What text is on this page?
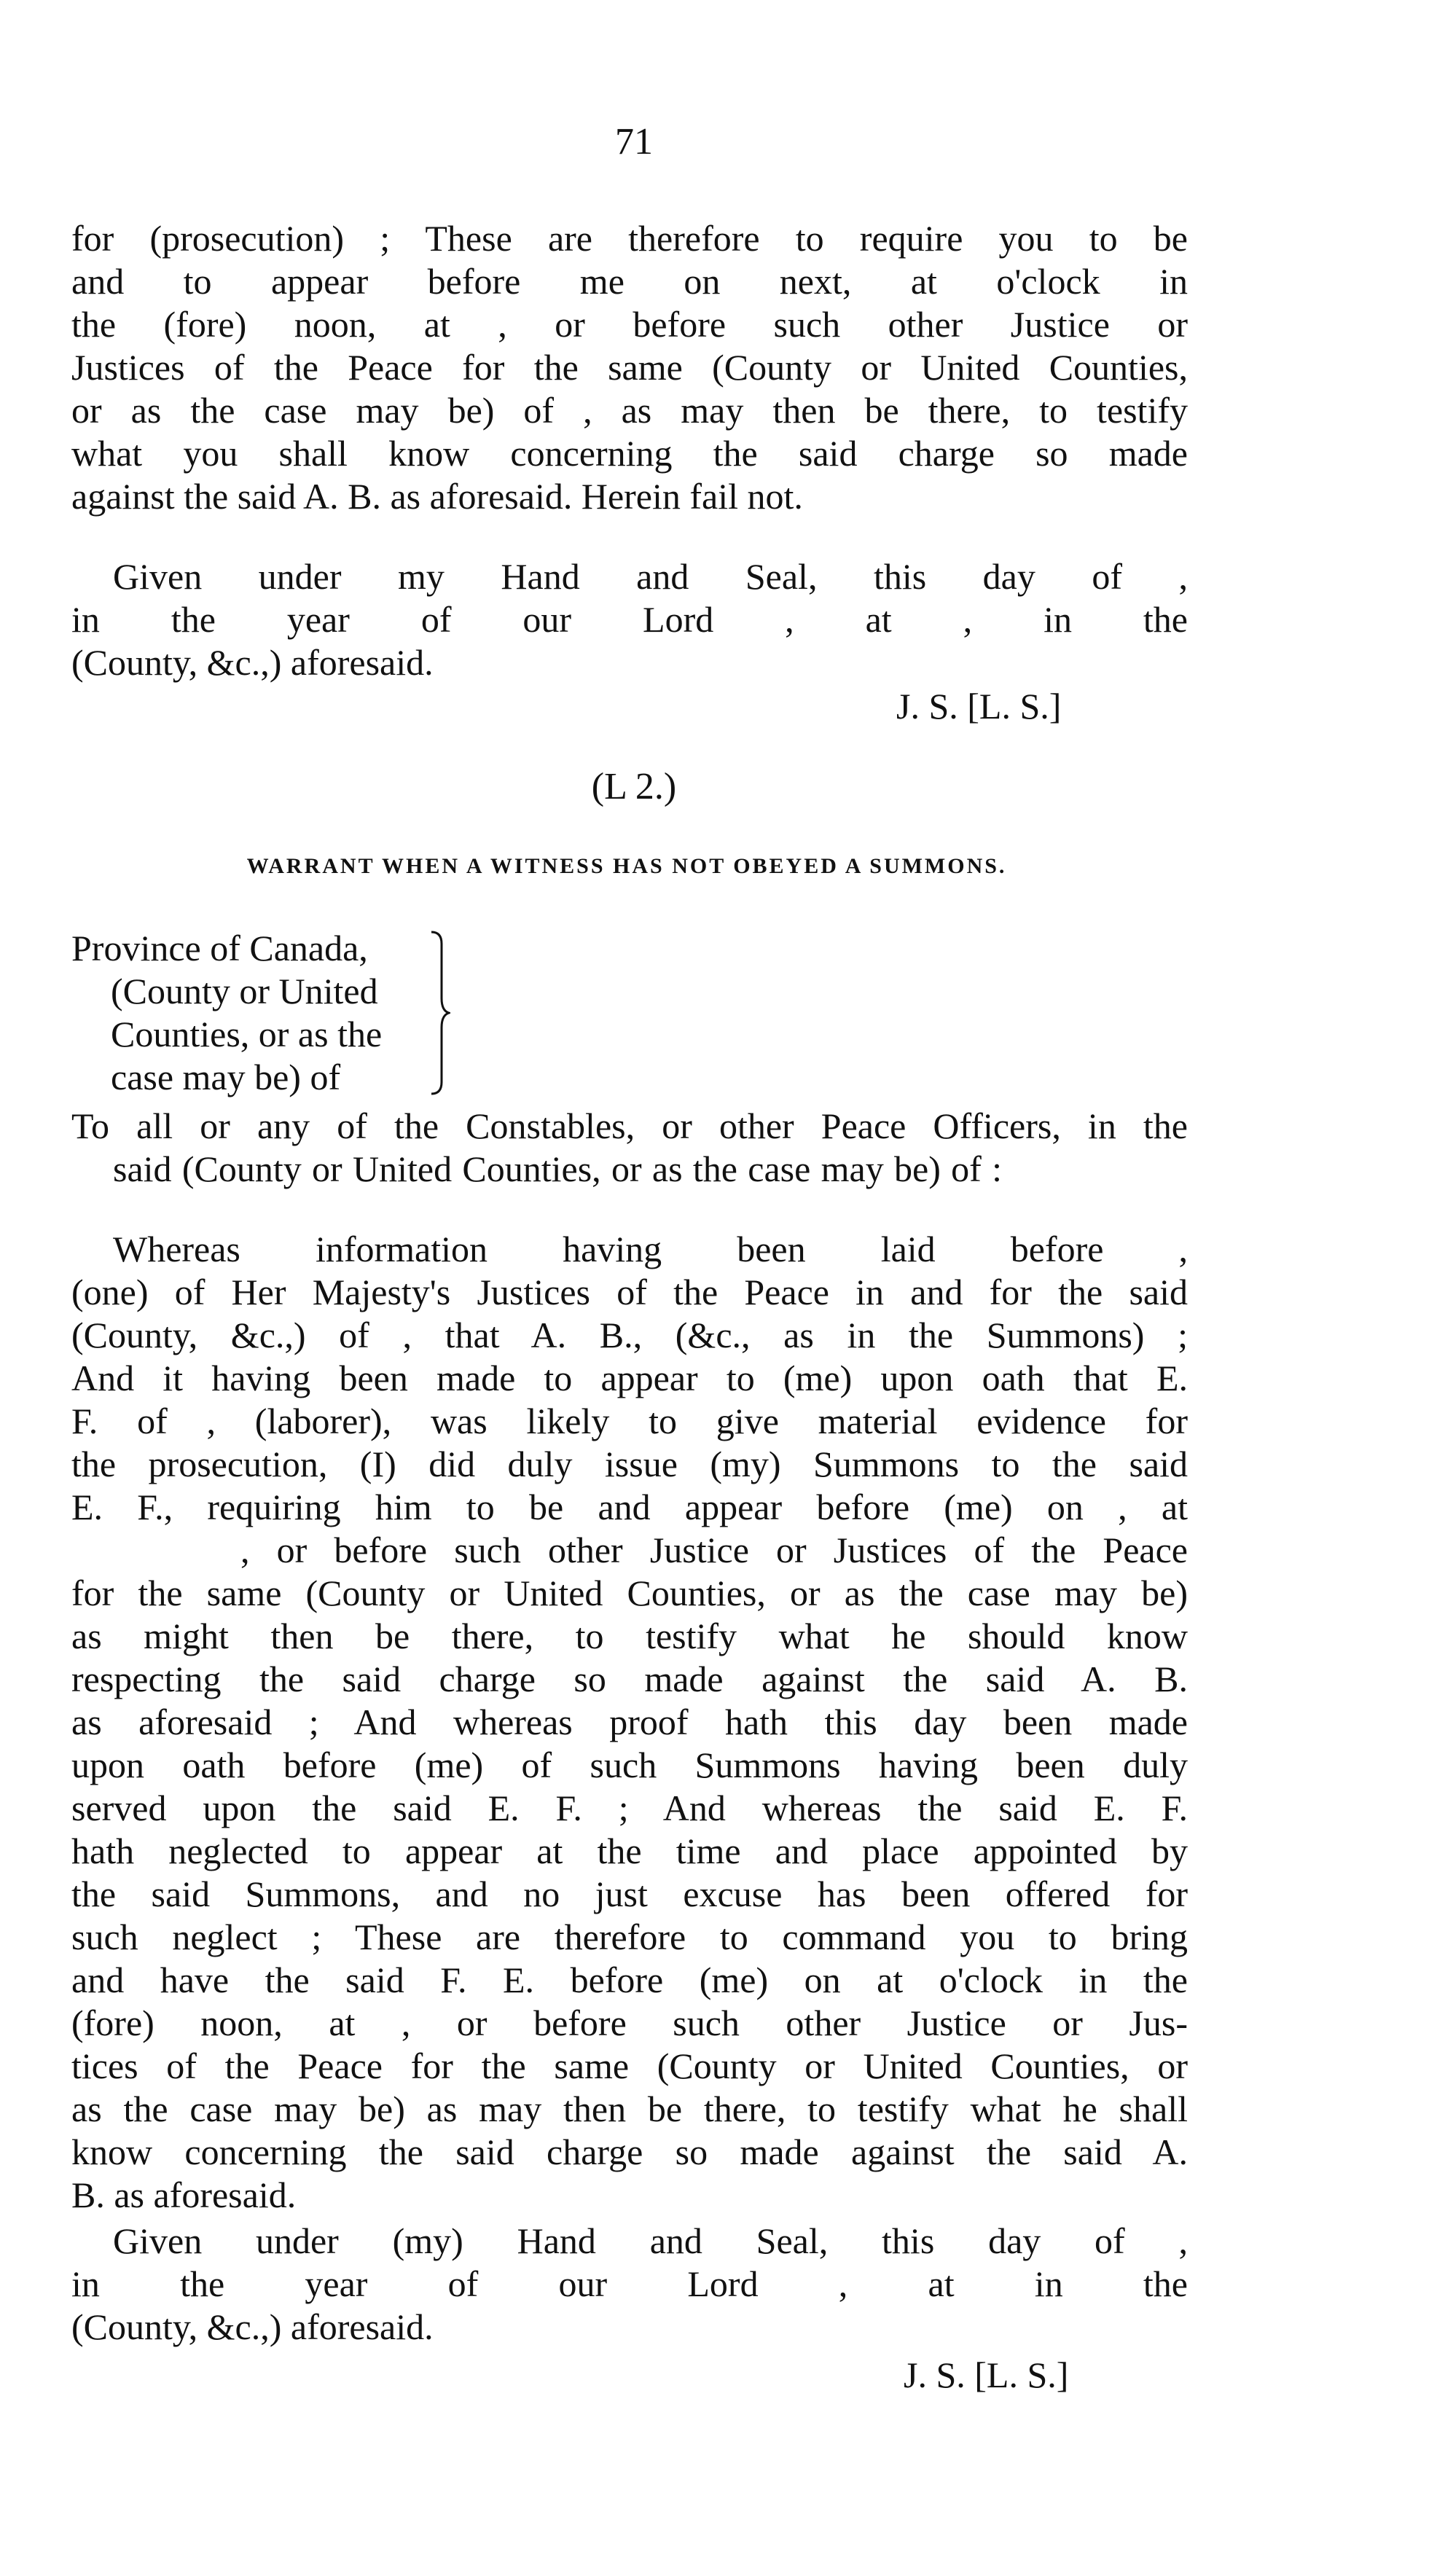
71
for (prosecution) ; These are therefore to require you to be
and to appear before me on next, at o'clock in
the (fore) noon, at , or before such other Justice or
Justices of the Peace for the same (County or United Counties,
or as the case may be) of , as may then be there, to testify
what you shall know concerning the said charge so made
against the said A. B. as aforesaid. Herein fail not.
Given under my Hand and Seal, this day of ,
in the year of our Lord , at , in the
(County, &c.,) aforesaid.
J. S. [L. S.]
(L 2.)
WARRANT WHEN A WITNESS HAS NOT OBEYED A SUMMONS.
Province of Canada,
(County or United
Counties, or as the
case may be) of
To all or any of the Constables, or other Peace Officers, in the
said (County or United Counties, or as the case may be) of :
Whereas information having been laid before ,
(one) of Her Majesty's Justices of the Peace in and for the said
(County, &c.,) of , that A. B., (&c., as in the Summons) ;
And it having been made to appear to (me) upon oath that E.
F. of , (laborer), was likely to give material evidence for
the prosecution, (I) did duly issue (my) Summons to the said
E. F., requiring him to be and appear before (me) on , at
, or before such other Justice or Justices of the Peace
for the same (County or United Counties, or as the case may be)
as might then be there, to testify what he should know
respecting the said charge so made against the said A. B.
as aforesaid ; And whereas proof hath this day been made
upon oath before (me) of such Summons having been duly
served upon the said E. F. ; And whereas the said E. F.
hath neglected to appear at the time and place appointed by
the said Summons, and no just excuse has been offered for
such neglect ; These are therefore to command you to bring
and have the said F. E. before (me) on at o'clock in the
(fore) noon, at , or before such other Justice or Jus-
tices of the Peace for the same (County or United Counties, or
as the case may be) as may then be there, to testify what he shall
know concerning the said charge so made against the said A.
B. as aforesaid.
Given under (my) Hand and Seal, this day of ,
in the year of our Lord , at in the
(County, &c.,) aforesaid.
J. S. [L. S.]
